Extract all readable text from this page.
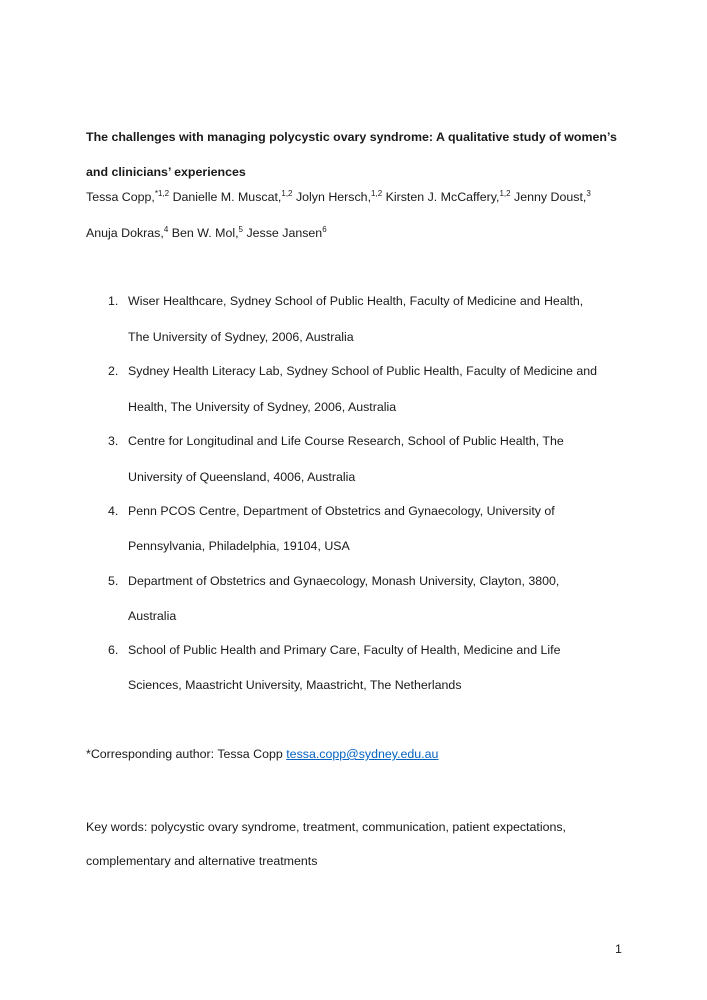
The challenges with managing polycystic ovary syndrome: A qualitative study of women’s
and clinicians’ experiences
Tessa Copp,$^{*1,2}$ Danielle M. Muscat,$^{1,2}$ Jolyn Hersch,$^{1,2}$ Kirsten J. McCaffery,$^{1,2}$ Jenny Doust,$^3$
Anuja Dokras,$^4$ Ben W. Mol,$^5$ Jesse Jansen$^6$
1. Wiser Healthcare, Sydney School of Public Health, Faculty of Medicine and Health,
The University of Sydney, 2006, Australia
2. Sydney Health Literacy Lab, Sydney School of Public Health, Faculty of Medicine and
Health, The University of Sydney, 2006, Australia
3. Centre for Longitudinal and Life Course Research, School of Public Health, The
University of Queensland, 4006, Australia
4. Penn PCOS Centre, Department of Obstetrics and Gynaecology, University of
Pennsylvania, Philadelphia, 19104, USA
5. Department of Obstetrics and Gynaecology, Monash University, Clayton, 3800,
Australia
6. School of Public Health and Primary Care, Faculty of Health, Medicine and Life
Sciences, Maastricht University, Maastricht, The Netherlands
*Corresponding author: Tessa Copp tessa.copp@sydney.edu.au
Key words: polycystic ovary syndrome, treatment, communication, patient expectations,
complementary and alternative treatments
1
